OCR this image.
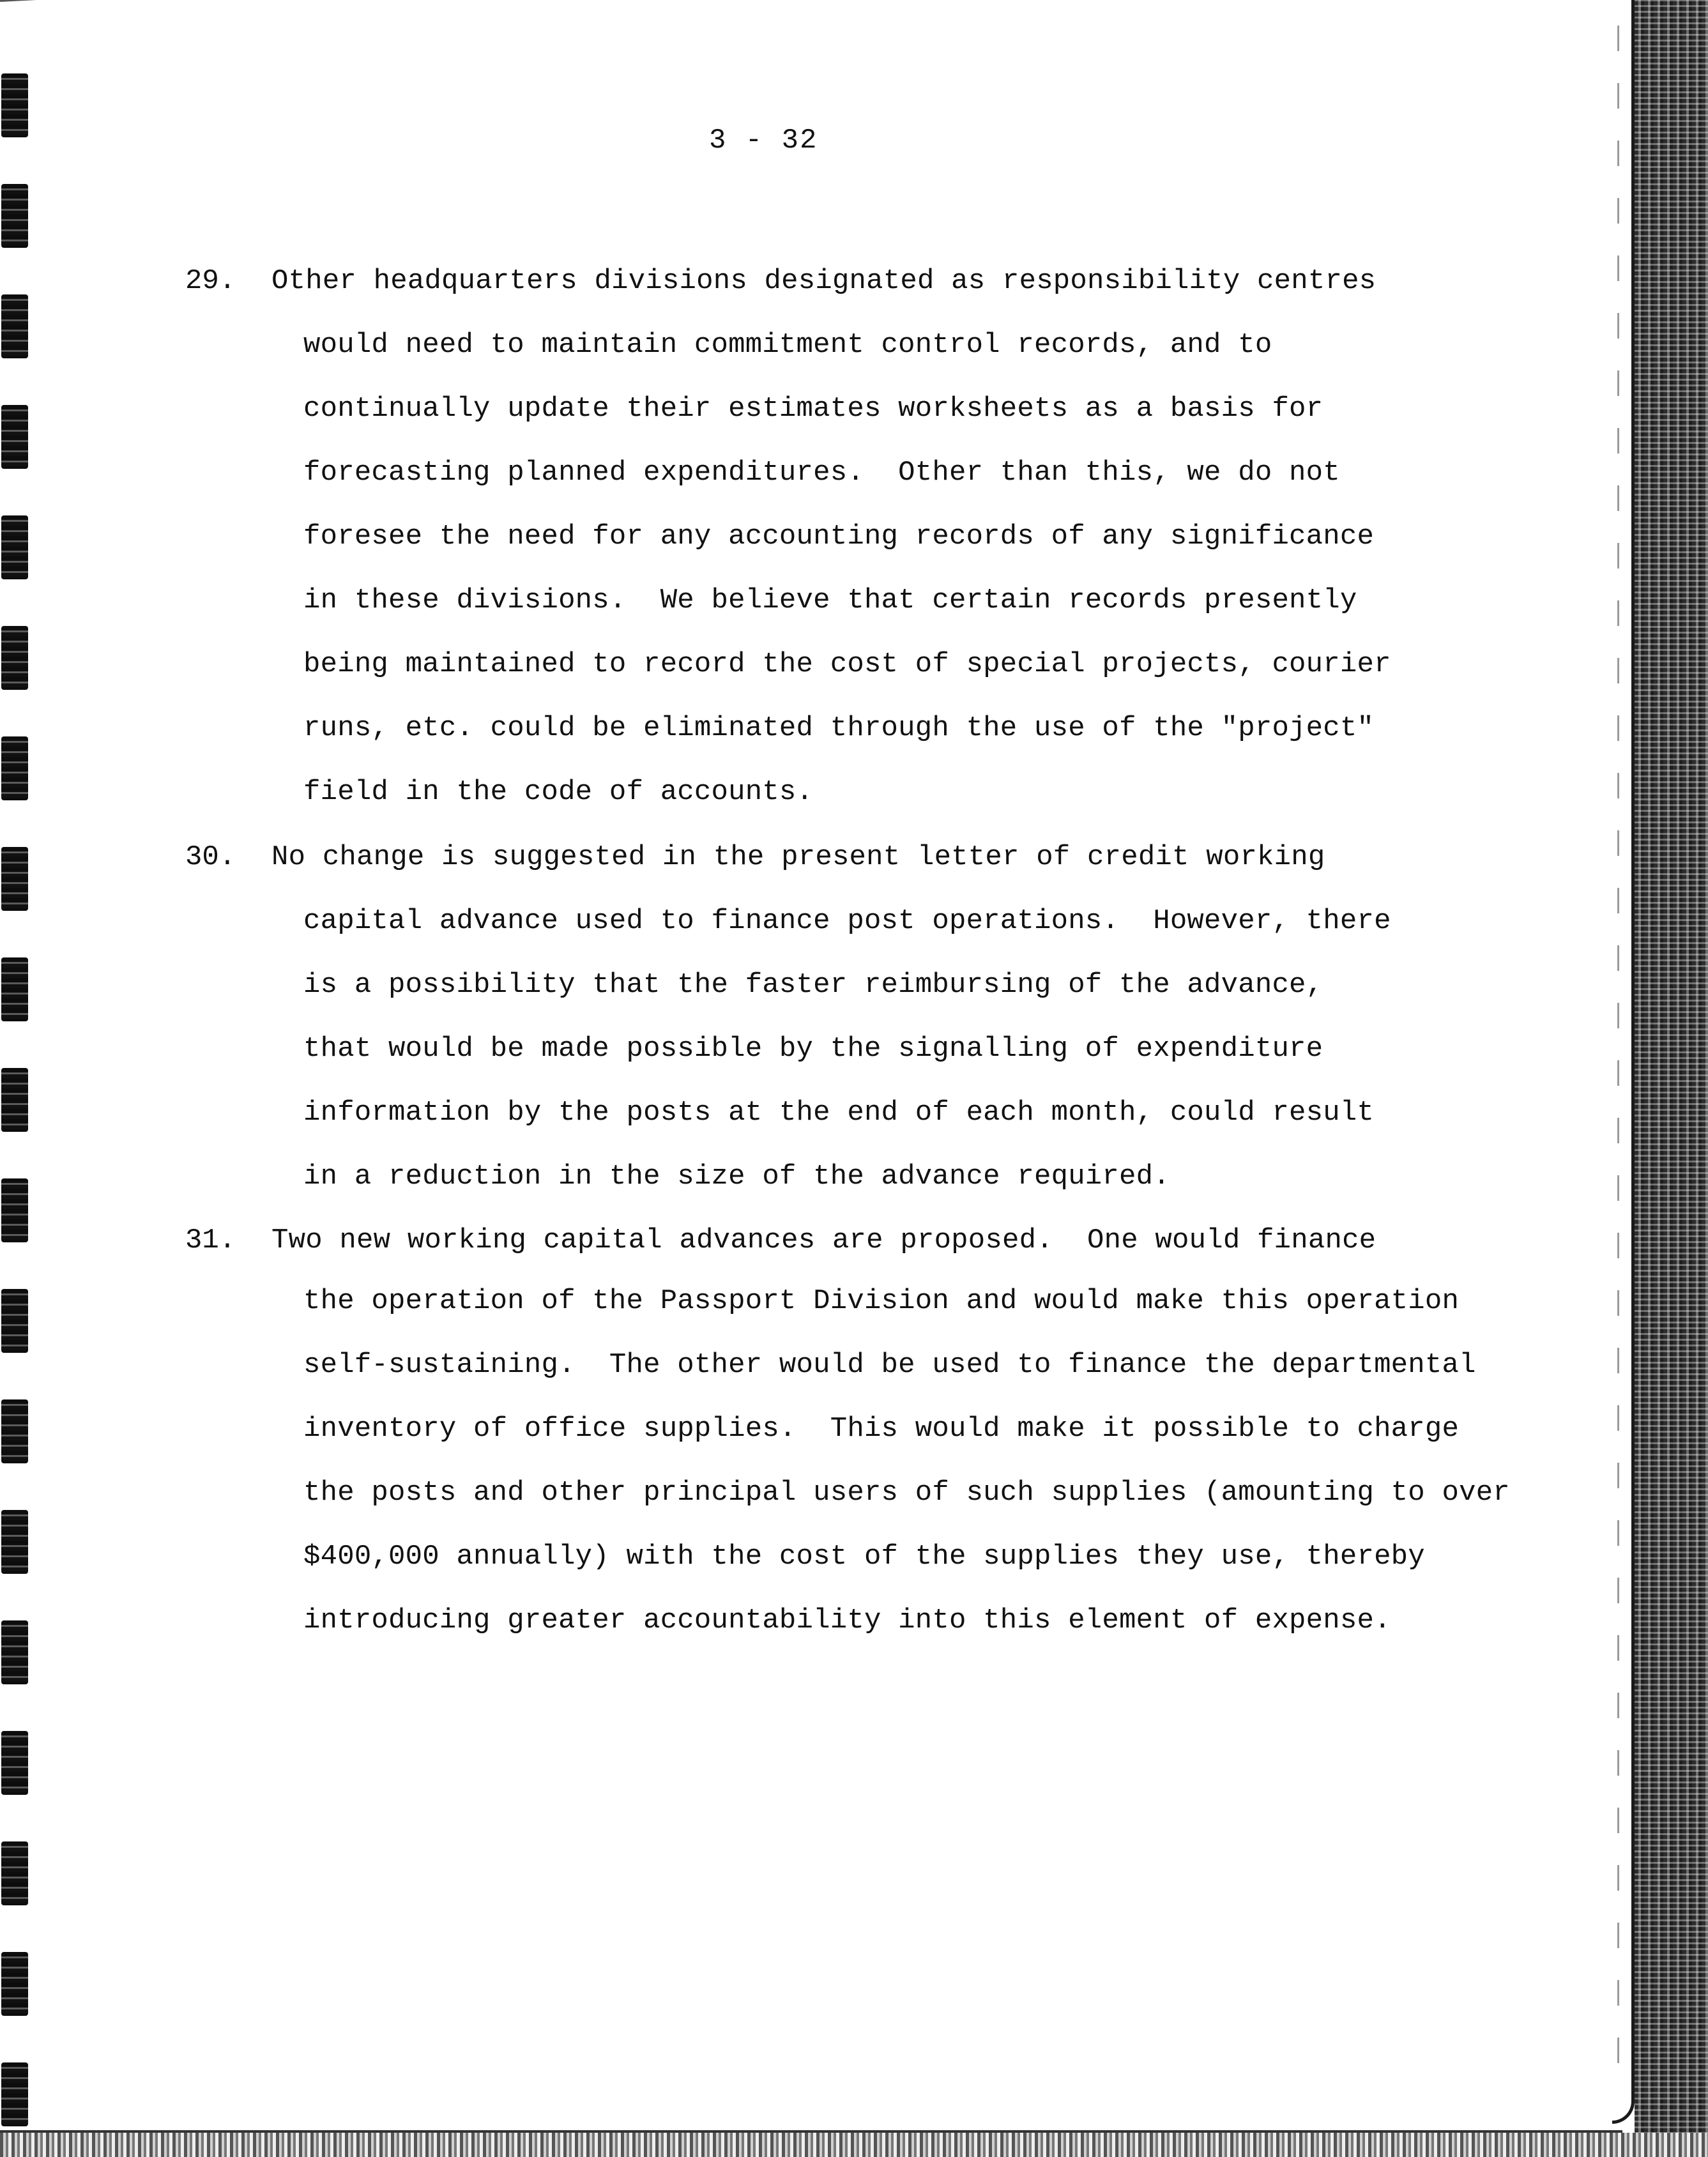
3 - 32
29. Other headquarters divisions designated as responsibility centres
would need to maintain commitment control records, and to
continually update their estimates worksheets as a basis for
forecasting planned expenditures.  Other than this, we do not
foresee the need for any accounting records of any significance
in these divisions.  We believe that certain records presently
being maintained to record the cost of special projects, courier
runs, etc. could be eliminated through the use of the "project"
field in the code of accounts.
30. No change is suggested in the present letter of credit working
capital advance used to finance post operations.  However, there
is a possibility that the faster reimbursing of the advance,
that would be made possible by the signalling of expenditure
information by the posts at the end of each month, could result
in a reduction in the size of the advance required.
31. Two new working capital advances are proposed.  One would finance
the operation of the Passport Division and would make this operation
self-sustaining.  The other would be used to finance the departmental
inventory of office supplies.  This would make it possible to charge
the posts and other principal users of such supplies (amounting to over
$400,000 annually) with the cost of the supplies they use, thereby
introducing greater accountability into this element of expense.
